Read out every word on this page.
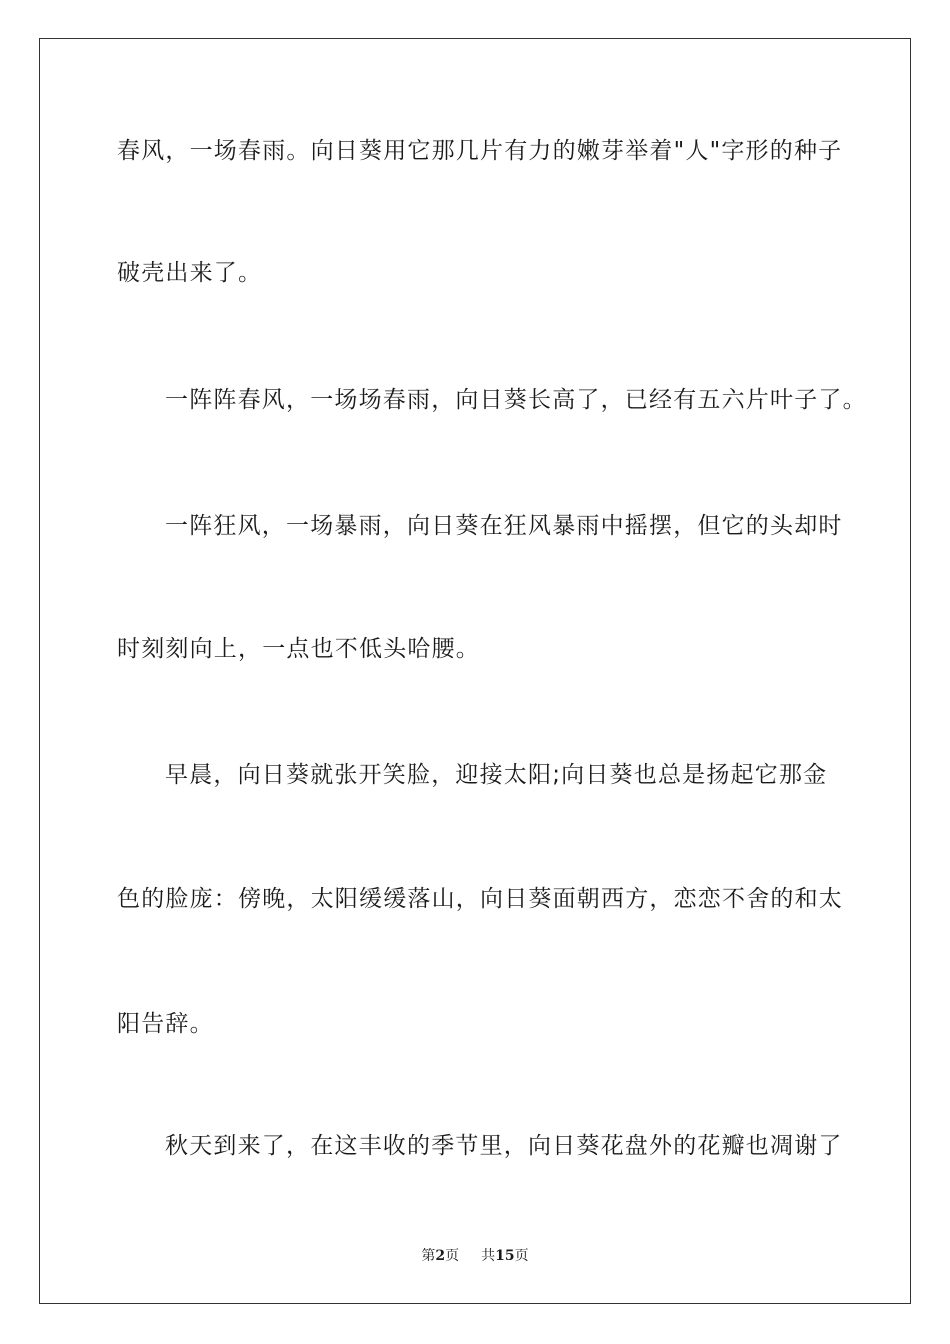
春风，一场春雨。向日葵用它那几片有力的嫩芽举着"人"字形的种子
破壳出来了。
一阵阵春风，一场场春雨，向日葵长高了，已经有五六片叶子了。
一阵狂风，一场暴雨，向日葵在狂风暴雨中摇摆，但它的头却时
时刻刻向上，一点也不低头哈腰。
早晨，向日葵就张开笑脸，迎接太阳;向日葵也总是扬起它那金
色的脸庞：傍晚，太阳缓缓落山，向日葵面朝西方，恋恋不舍的和太
阳告辞。
秋天到来了，在这丰收的季节里，向日葵花盘外的花瓣也凋谢了
第2页 共15页
